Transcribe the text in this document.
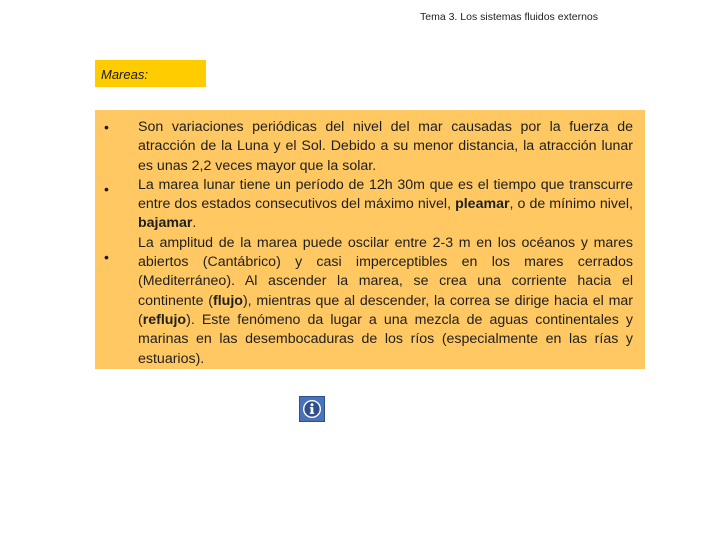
Tema 3. Los sistemas fluidos externos
Mareas:
•
•
•

Son variaciones periódicas del nivel del mar causadas por la fuerza de atracción de la Luna y el Sol. Debido a su menor distancia, la atracción lunar es unas 2,2 veces mayor que la solar.

La marea lunar tiene un período de 12h 30m que es el tiempo que transcurre entre dos estados consecutivos del máximo nivel, pleamar, o de mínimo nivel, bajamar.

La amplitud de la marea puede oscilar entre 2-3 m en los océanos y mares abiertos (Cantábrico) y casi imperceptibles en los mares cerrados (Mediterráneo). Al ascender la marea, se crea una corriente hacia el continente (flujo), mientras que al descender, la correa se dirige hacia el mar (reflujo). Este fenómeno da lugar a una mezcla de aguas continentales y marinas en las desembocaduras de los ríos (especialmente en las rías y estuarios).
